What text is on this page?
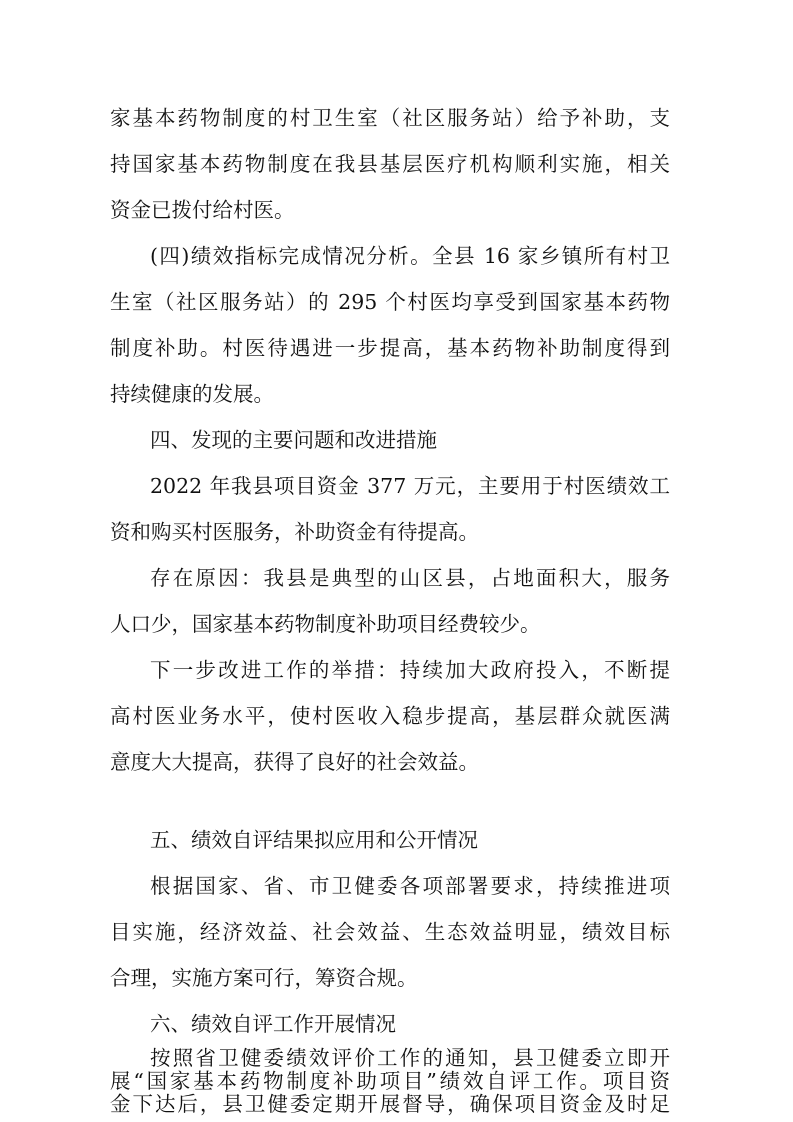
家基本药物制度的村卫生室（社区服务站）给予补助，支
持国家基本药物制度在我县基层医疗机构顺利实施，相关
资金已拨付给村医。
(四)绩效指标完成情况分析。全县 16 家乡镇所有村卫
生室（社区服务站）的 295 个村医均享受到国家基本药物
制度补助。村医待遇进一步提高，基本药物补助制度得到
持续健康的发展。
四、发现的主要问题和改进措施
2022 年我县项目资金 377 万元，主要用于村医绩效工
资和购买村医服务，补助资金有待提高。
存在原因：我县是典型的山区县，占地面积大，服务
人口少，国家基本药物制度补助项目经费较少。
下一步改进工作的举措：持续加大政府投入，不断提
高村医业务水平，使村医收入稳步提高，基层群众就医满
意度大大提高，获得了良好的社会效益。
五、绩效自评结果拟应用和公开情况
根据国家、省、市卫健委各项部署要求，持续推进项
目实施，经济效益、社会效益、生态效益明显，绩效目标
合理，实施方案可行，筹资合规。
六、绩效自评工作开展情况
按照省卫健委绩效评价工作的通知，县卫健委立即开
展“国家基本药物制度补助项目”绩效自评工作。项目资
金下达后，县卫健委定期开展督导，确保项目资金及时足
